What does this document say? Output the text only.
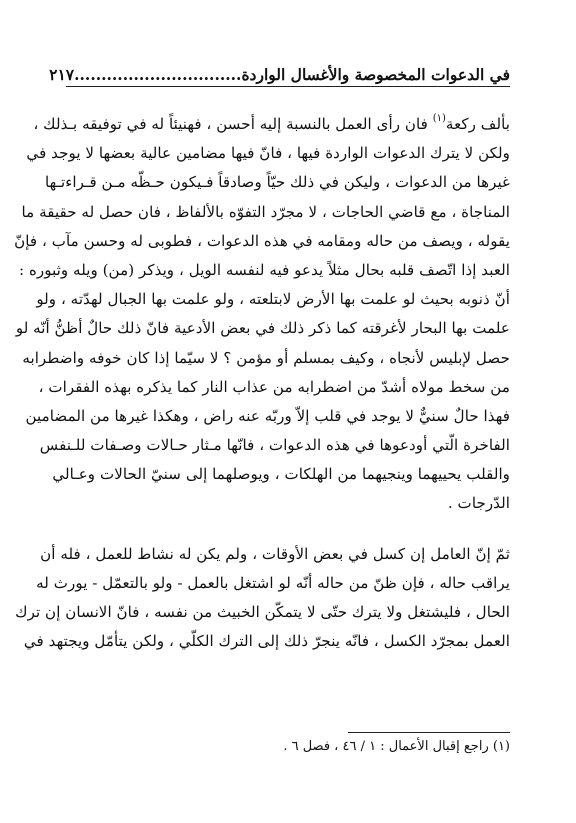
في الدعوات المخصوصة والأغسال الواردة
...............................
٢١٧
بألف ركعة$^{(١)}$ فان رأى العمل بالنسبة إليه أحسن ، فهنيئاً له في توفيقه بـذلك ،
ولكن لا يترك الدعوات الواردة فيها ، فانّ فيها مضامين عالية بعضها لا يوجد في
غيرها من الدعوات ، وليكن في ذلك حيّاً وصادقاً فـيكون حـظّه مـن قـراءتـها
المناجاة ، مع قاضي الحاجات ، لا مجرّد التفوّه بالألفاظ ، فان حصل له حقيقة ما
يقوله ، ويصف من حاله ومقامه في هذه الدعوات ، فطوبى له وحسن مآب ، فإنّ
العبد إذا اتّصف قلبه بحال مثلاً يدعو فيه لنفسه الويل ، ويذكر (من) ويله وثبوره :
أنّ ذنوبه بحيث لو علمت بها الأرض لابتلعته ، ولو علمت بها الجبال لهدّته ، ولو
علمت بها البحار لأغرقته كما ذكر ذلك في بعض الأدعية فانّ ذلك حالٌ أظنُّ أنّه لو
حصل لإبليس لأنجاه ، وكيف بمسلم أو مؤمن ؟ لا سيّما إذا كان خوفه واضطرابه
من سخط مولاه أشدّ من اضطرابه من عذاب النار كما يذكره بهذه الفقرات ،
فهذا حالٌ سنيٌّ لا يوجد في قلب إلاّ وربّه عنه راض ، وهكذا غيرها من المضامين
الفاخرة الّتي أودعوها في هذه الدعوات ، فانّها مـثار حـالات وصـفات للـنفس
والقلب يحييهما وينجيهما من الهلكات ، ويوصلهما إلى سنيّ الحالات وعـالي
الدّرجات .
ثمّ إنّ العامل إن كسل في بعض الأوقات ، ولم يكن له نشاط للعمل ، فله أن
يراقب حاله ، فإن ظنّ من حاله أنّه لو اشتغل بالعمل - ولو بالتعمّل - يورث له
الحال ، فليشتغل ولا يترك حتّى لا يتمكّن الخبيث من نفسه ، فانّ الانسان إن ترك
العمل بمجرّد الكسل ، فانّه ينجرّ ذلك إلى الترك الكلّي ، ولكن يتأمّل ويجتهد في
(١) راجع إقبال الأعمال : ١ / ٤٦ ، فصل ٦ .
